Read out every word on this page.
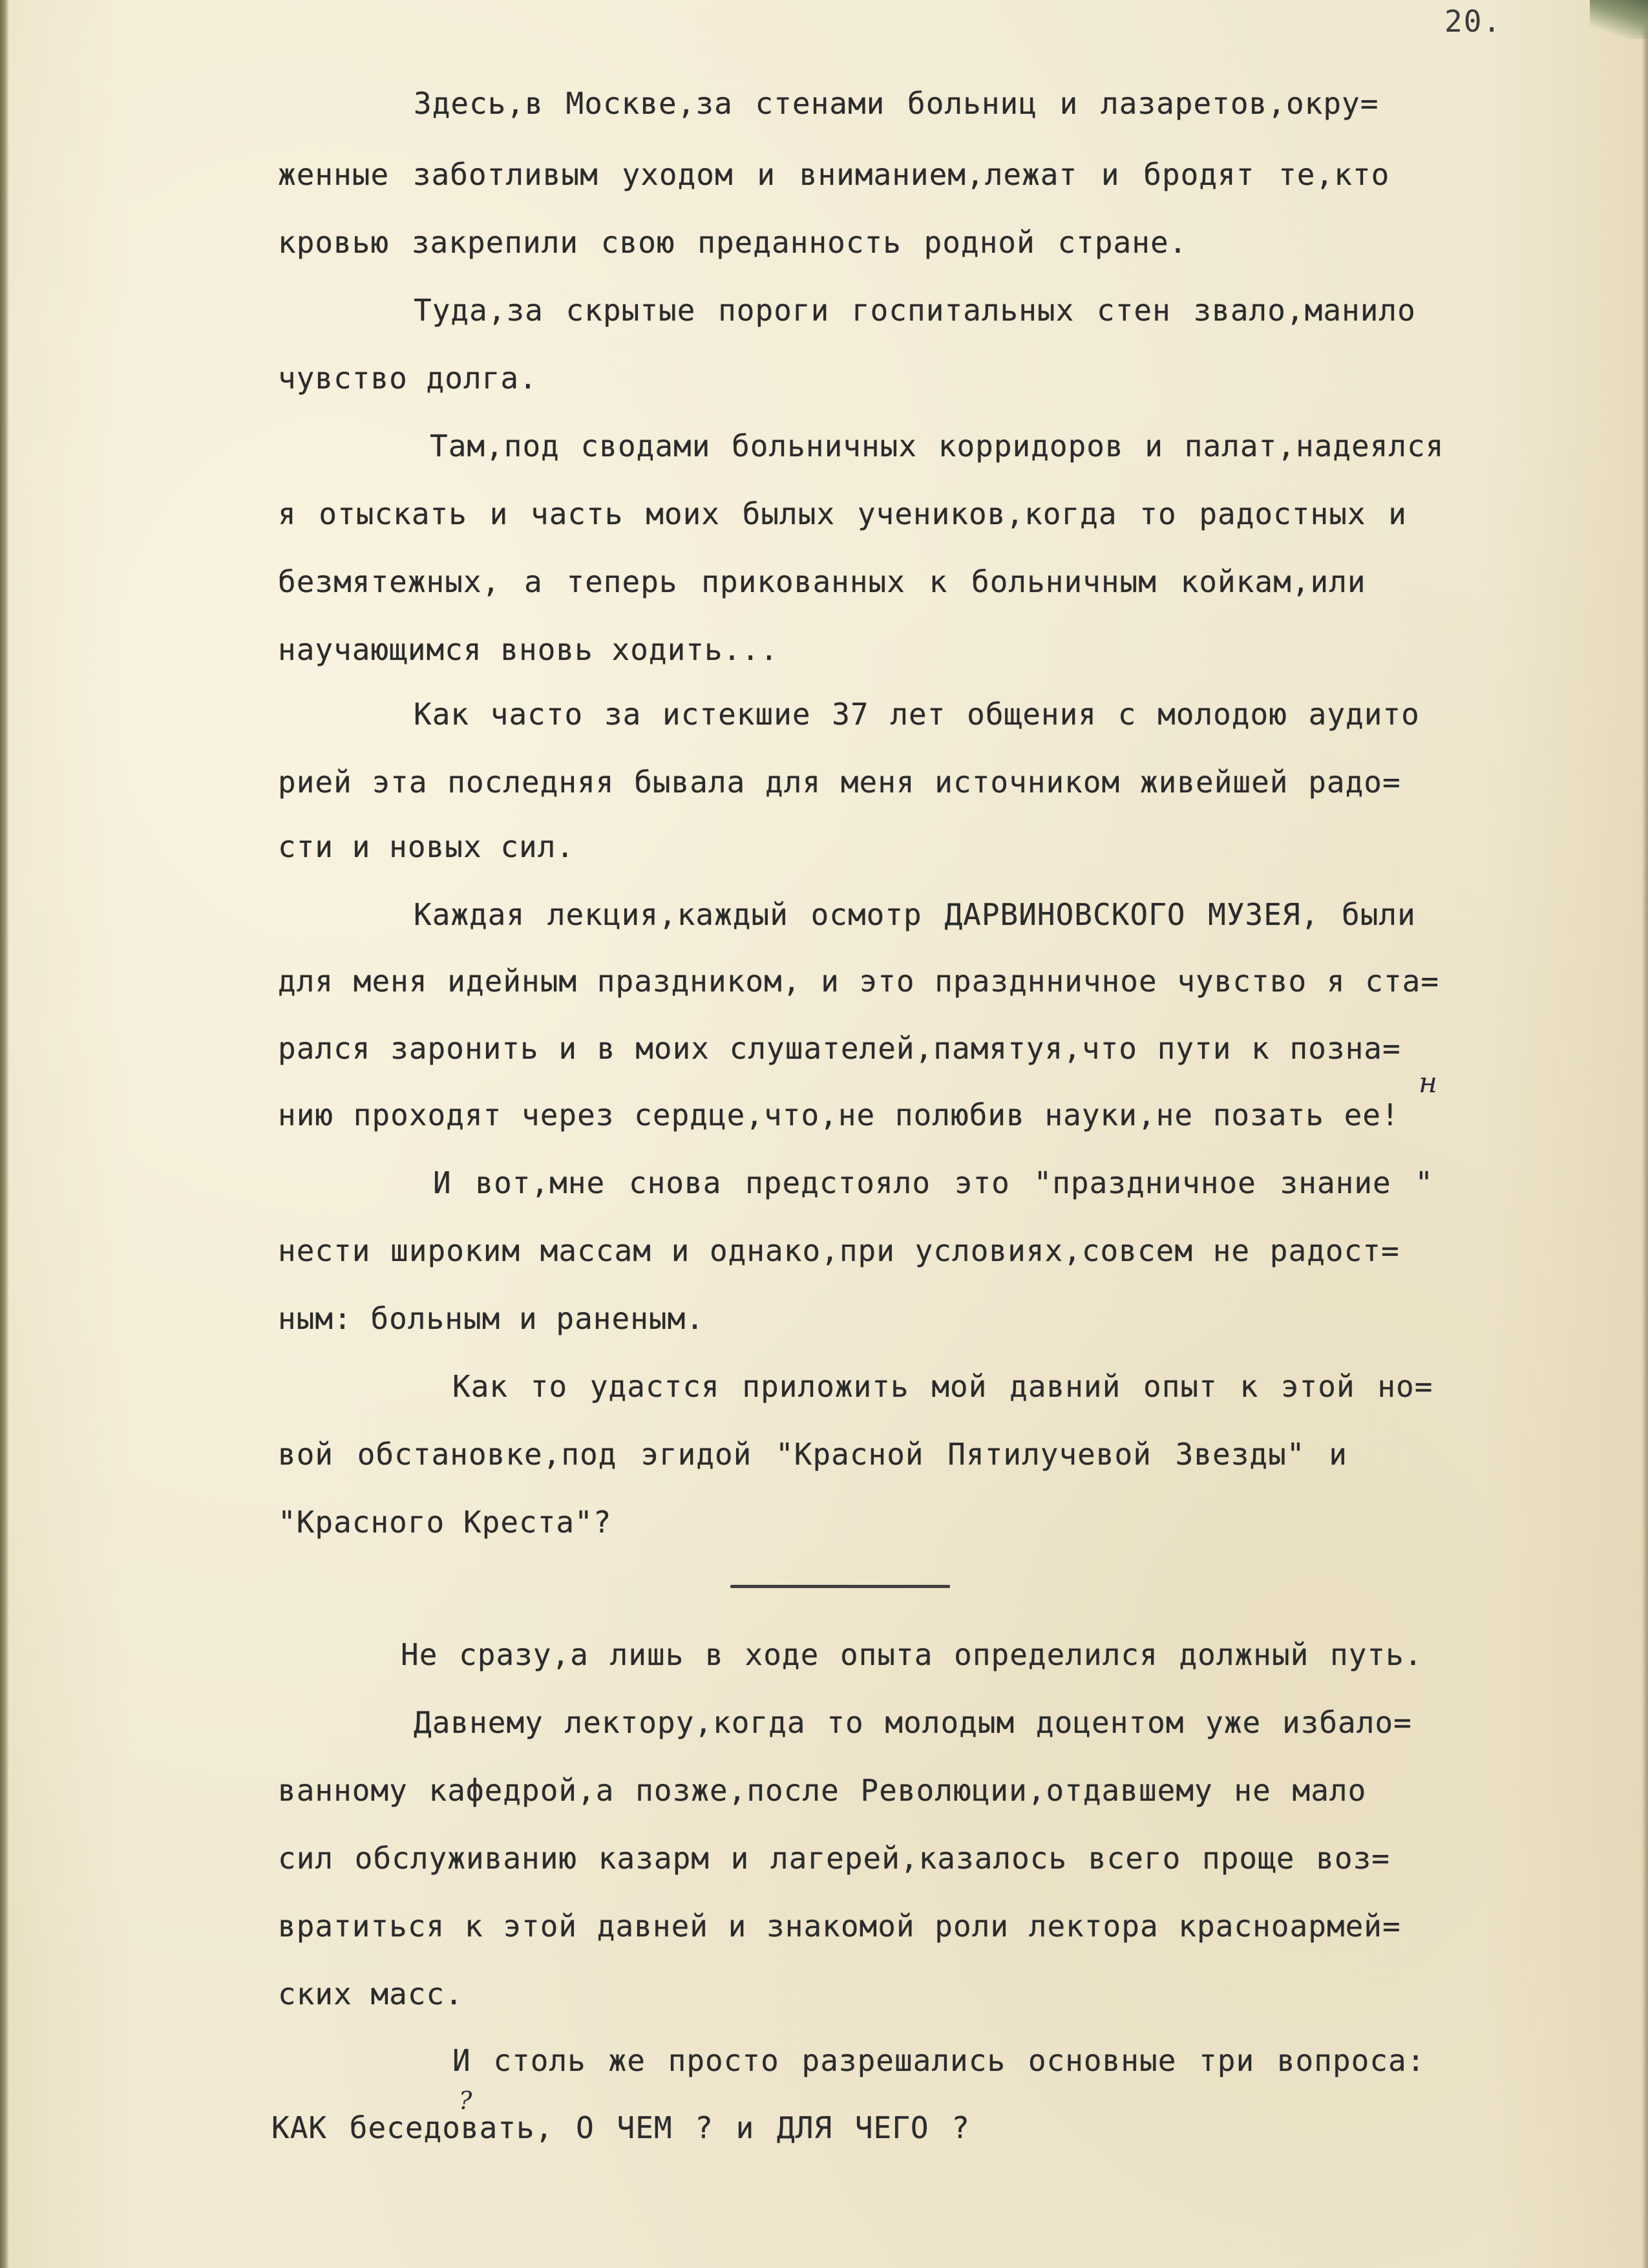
20.
Здесь,в Москве,за стенами больниц и лазаретов,окру=
женные заботливым уходом и вниманием,лежат и бродят те,кто
кровью закрепили свою преданность родной стране.
Туда,за скрытые пороги госпитальных стен звало,манило
чувство долга.
Там,под сводами больничных корридоров и палат,надеялся
я отыскать и часть моих былых учеников,когда то радостных и
безмятежных, а теперь прикованных к больничным койкам,или
научающимся вновь ходить...
Как часто за истекшие 37 лет общения с молодою аудито
рией эта последняя бывала для меня источником живейшей радо=
сти и новых сил.
Каждая лекция,каждый осмотр ДАРВИНОВСКОГО МУЗЕЯ, были
для меня идейным праздником, и это празднничное чувство я ста=
рался заронить и в моих слушателей,памятуя,что пути к позна=
нию проходят через сердце,что,не полюбив науки,не позать ее!
И вот,мне снова предстояло это "праздничное знание "
нести широким массам и однако,при условиях,совсем не радост=
ным: больным и раненым.
Как то удастся приложить мой давний опыт к этой но=
вой обстановке,под эгидой "Красной Пятилучевой Звезды" и
"Красного Креста"?
Не сразу,а лишь в ходе опыта определился должный путь.
Давнему лектору,когда то молодым доцентом уже избало=
ванному кафедрой,а позже,после Революции,отдавшему не мало
сил обслуживанию казарм и лагерей,казалось всего проще воз=
вратиться к этой давней и знакомой роли лектора красноармей=
ских масс.
И столь же просто разрешались основные три вопроса:
КАК беседовать, О ЧЕМ ? и ДЛЯ ЧЕГО ?
н
?
